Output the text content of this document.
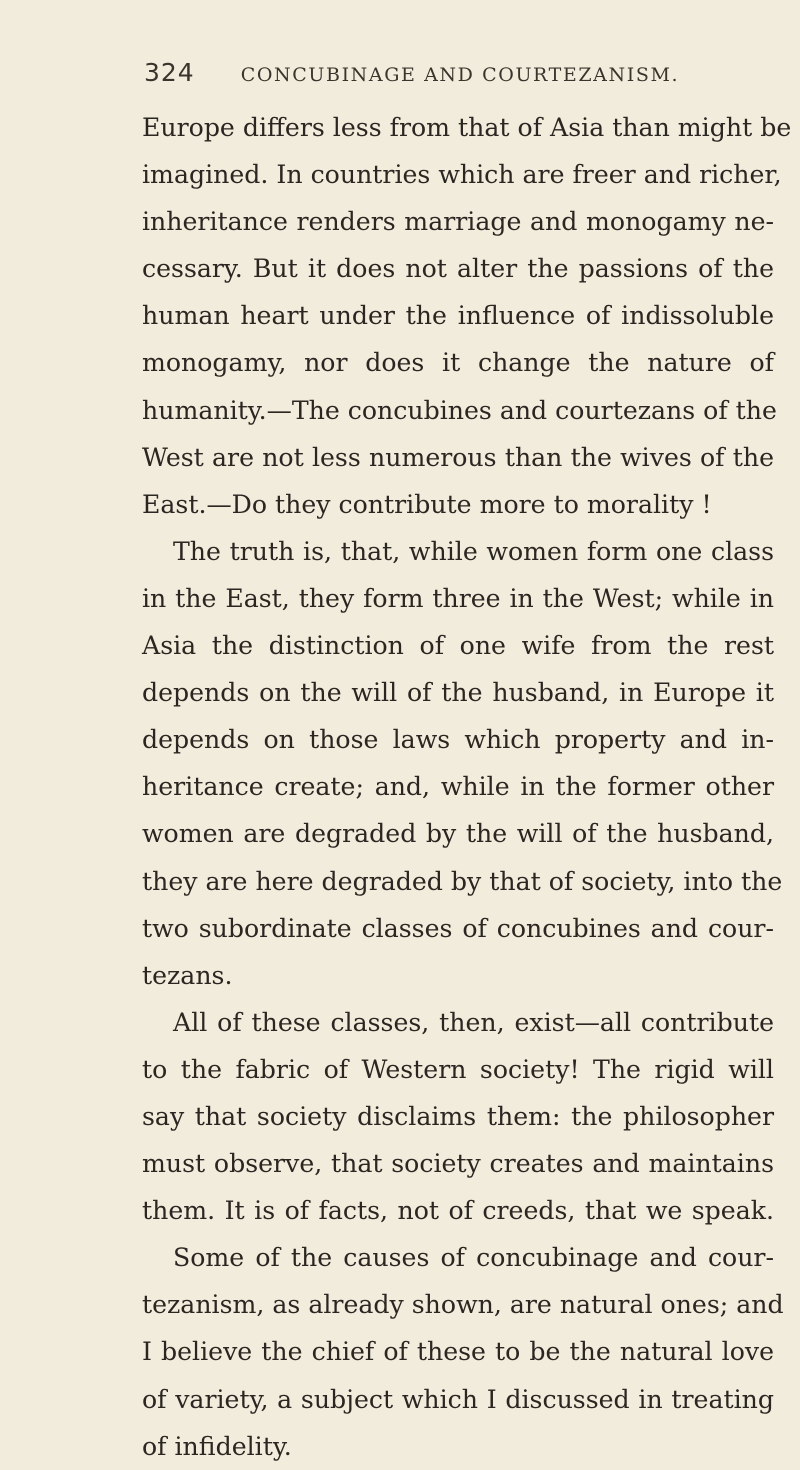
324 CONCUBINAGE AND COURTEZANISM.
Europe differs less from that of Asia than might be
imagined. In countries which are freer and richer,
inheritance renders marriage and monogamy ne-
cessary. But it does not alter the passions of the
human heart under the influence of indissoluble
monogamy, nor does it change the nature of
humanity.—The concubines and courtezans of the
West are not less numerous than the wives of the
East.—Do they contribute more to morality !
The truth is, that, while women form one class
in the East, they form three in the West; while in
Asia the distinction of one wife from the rest
depends on the will of the husband, in Europe it
depends on those laws which property and in-
heritance create; and, while in the former other
women are degraded by the will of the husband,
they are here degraded by that of society, into the
two subordinate classes of concubines and cour-
tezans.
All of these classes, then, exist—all contribute
to the fabric of Western society! The rigid will
say that society disclaims them: the philosopher
must observe, that society creates and maintains
them. It is of facts, not of creeds, that we speak.
Some of the causes of concubinage and cour-
tezanism, as already shown, are natural ones; and
I believe the chief of these to be the natural love
of variety, a subject which I discussed in treating
of infidelity.
